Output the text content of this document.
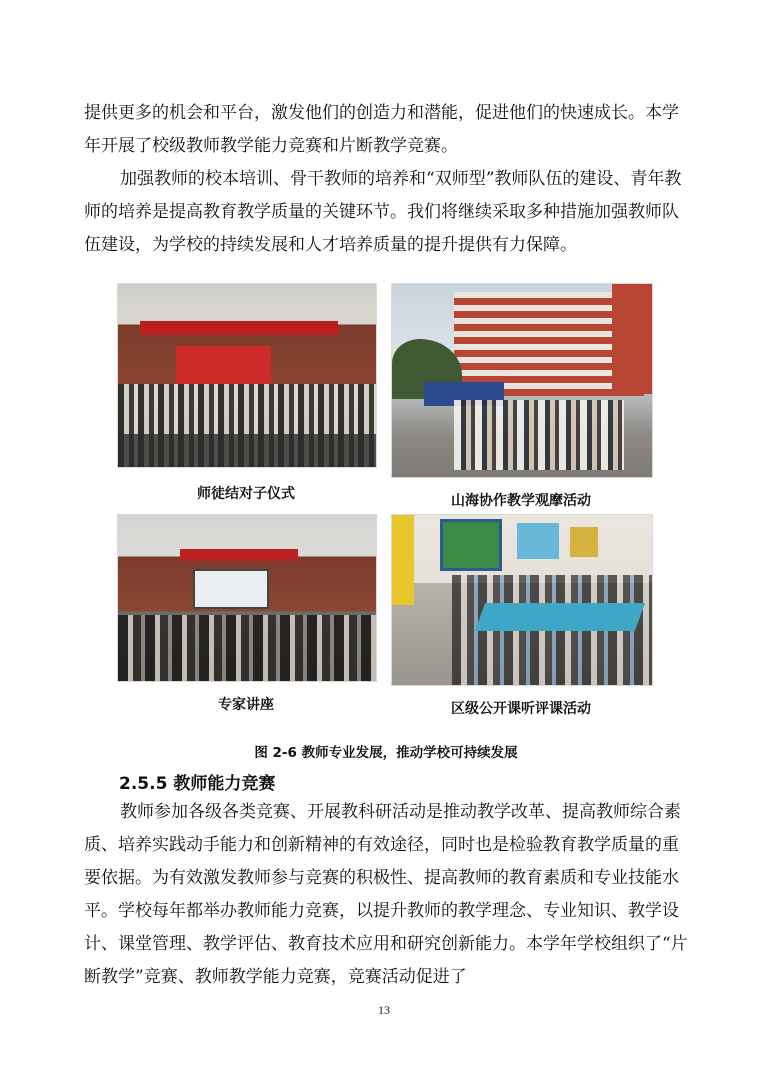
提供更多的机会和平台，激发他们的创造力和潜能，促进他们的快速成长。本学年开展了校级教师教学能力竞赛和片断教学竞赛。

加强教师的校本培训、骨干教师的培养和“双师型”教师队伍的建设、青年教师的培养是提高教育教学质量的关键环节。我们将继续采取多种措施加强教师队伍建设，为学校的持续发展和人才培养质量的提升提供有力保障。

师徒结对子仪式	山海协作教学观摩活动
专家讲座	区级公开课听评课活动
图 2-6 教师专业发展，推动学校可持续发展
2.5.5 教师能力竞赛

教师参加各级各类竞赛、开展教科研活动是推动教学改革、提高教师综合素质、培养实践动手能力和创新精神的有效途径，同时也是检验教育教学质量的重要依据。为有效激发教师参与竞赛的积极性、提高教师的教育素质和专业技能水平。学校每年都举办教师能力竞赛，以提升教师的教学理念、专业知识、教学设计、课堂管理、教学评估、教育技术应用和研究创新能力。本学年学校组织了“片断教学”竞赛、教师教学能力竞赛，竞赛活动促进了

13
